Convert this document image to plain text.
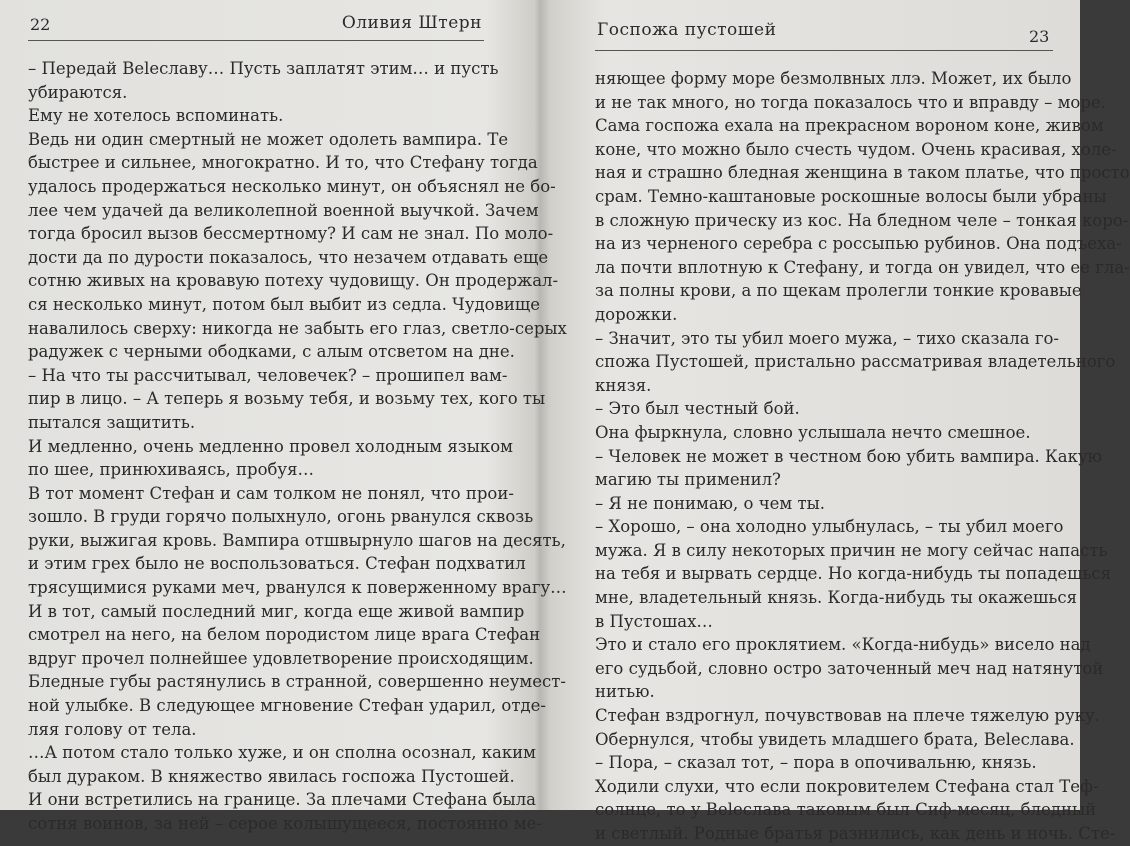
22	Оливия Штерн
– Передай Веleславу… Пусть заплатят этим… и пусть
убираются.
Ему не хотелось вспоминать.
Ведь ни один смертный не может одолеть вампира. Те
быстрее и сильнее, многократно. И то, что Стефану тогда
удалось продержаться несколько минут, он объяснял не бо-
лее чем удачей да великолепной военной выучкой. Зачем
тогда бросил вызов бессмертному? И сам не знал. По моло-
дости да по дурости показалось, что незачем отдавать еще
сотню живых на кровавую потеху чудовищу. Он продержал-
ся несколько минут, потом был выбит из седла. Чудовище
навалилось сверху: никогда не забыть его глаз, светло-серых
радужек с черными ободками, с алым отсветом на дне.
– На что ты рассчитывал, человечек? – прошипел вам-
пир в лицо. – А теперь я возьму тебя, и возьму тех, кого ты
пытался защитить.
И медленно, очень медленно провел холодным языком
по шее, принюхиваясь, пробуя…
В тот момент Стефан и сам толком не понял, что прои-
зошло. В груди горячо полыхнуло, огонь рванулся сквозь
руки, выжигая кровь. Вампира отшвырнуло шагов на десять,
и этим грех было не воспользоваться. Стефан подхватил
трясущимися руками меч, рванулся к поверженному врагу…
И в тот, самый последний миг, когда еще живой вампир
смотрел на него, на белом породистом лице врага Стефан
вдруг прочел полнейшее удовлетворение происходящим.
Бледные губы растянулись в странной, совершенно неумест-
ной улыбке. В следующее мгновение Стефан ударил, отде-
ляя голову от тела.
…А потом стало только хуже, и он сполна осознал, каким
был дураком. В княжество явилась госпожа Пустошей.
И они встретились на границе. За плечами Стефана была
сотня воинов, за ней – серое колышущееся, постоянно ме-
Госпожа пустошей	23
няющее форму море безмолвных ллэ. Может, их было
и не так много, но тогда показалось что и вправду – море.
Сама госпожа ехала на прекрасном вороном коне, живом
коне, что можно было счесть чудом. Очень красивая, холе-
ная и страшно бледная женщина в таком платье, что просто
срам. Темно-каштановые роскошные волосы были убраны
в сложную прическу из кос. На бледном челе – тонкая коро-
на из черненого серебра с россыпью рубинов. Она подъеха-
ла почти вплотную к Стефану, и тогда он увидел, что ее гла-
за полны крови, а по щекам пролегли тонкие кровавые
дорожки.
– Значит, это ты убил моего мужа, – тихо сказала го-
спожа Пустошей, пристально рассматривая владетельного
князя.
– Это был честный бой.
Она фыркнула, словно услышала нечто смешное.
– Человек не может в честном бою убить вампира. Какую
магию ты применил?
– Я не понимаю, о чем ты.
– Хорошо, – она холодно улыбнулась, – ты убил моего
мужа. Я в силу некоторых причин не могу сейчас напасть
на тебя и вырвать сердце. Но когда-нибудь ты попадешься
мне, владетельный князь. Когда-нибудь ты окажешься
в Пустошах…
Это и стало его проклятием. «Когда-нибудь» висело над
его судьбой, словно остро заточенный меч над натянутой
нитью.
Стефан вздрогнул, почувствовав на плече тяжелую руку.
Обернулся, чтобы увидеть младшего брата, Веleслава.
– Пора, – сказал тот, – пора в опочивальню, князь.
Ходили слухи, что если покровителем Стефана стал Теф-
солнце, то у Веleслава таковым был Сиф-месяц, бледный
и светлый. Родные братья разнились, как день и ночь. Сте-
